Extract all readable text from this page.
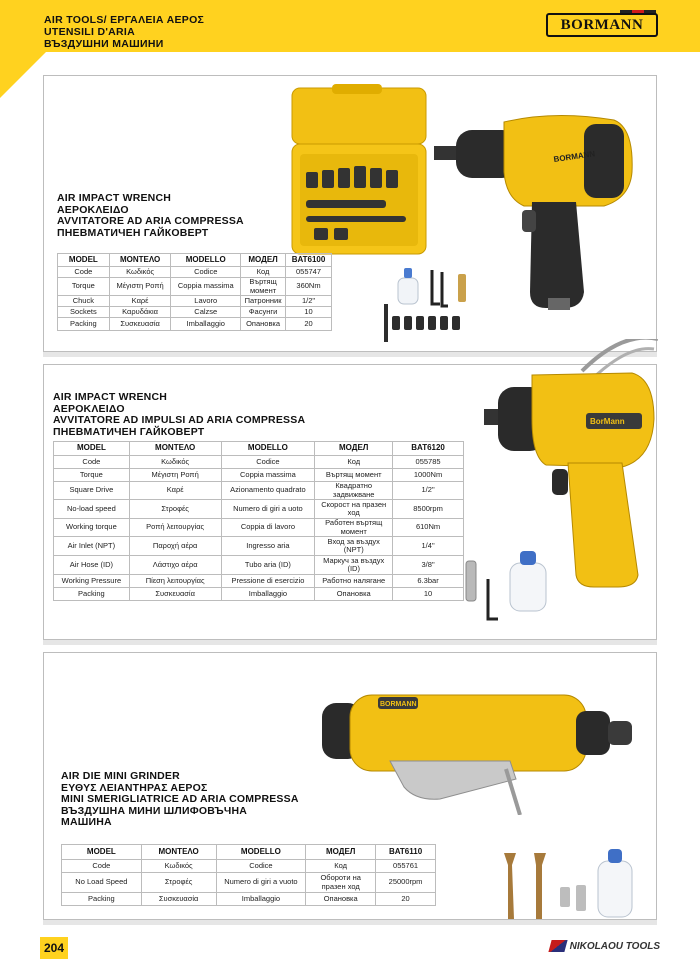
AIR TOOLS/ ΕΡΓΑΛΕΙΑ ΑΕΡΟΣ
UTENSILI D'ARIA
ВЪЗДУШНИ МАШИНИ
BORMANN
BORMANN
AIR IMPACT WRENCH
ΑΕΡΟΚΛΕΙΔΟ
AVVITATORE AD ARIA COMPRESSA
ПНЕВМАТИЧЕН ГАЙКОВЕРТ
MODEL	ΜΟΝΤΕΛΟ	MODELLO	МОДЕЛ	BAT6100
Code	Κωδικός	Codice	Код	055747
Torque	Μέγιστη Ροπή	Coppia massima	Въртящ момент	360Nm
Chuck	Καρέ	Lavoro	Патронник	1/2"
Sockets	Καρυδάκια	Calzse	Фасунги	10
Packing	Συσκευασία	Imballaggio	Опановка	20
BorMann
AIR IMPACT WRENCH
ΑΕΡΟΚΛΕΙΔΟ
AVVITATORE AD IMPULSI AD ARIA COMPRESSA
ПНЕВМАТИЧЕН ГАЙКОВЕРТ
MODEL	ΜΟΝΤΕΛΟ	MODELLO	МОДЕЛ	BAT6120
Code	Κωδικός	Codice	Код	055785
Torque	Μέγιστη Ροπή	Coppia massima	Въртящ момент	1000Nm
Square Drive	Καρέ	Azionamento quadrato	Квадратно задвижване	1/2"
No-load speed	Στροφές	Numero di giri a uoto	Скорост на празен ход	8500rpm
Working torque	Ροπή λειτουργίας	Coppia di lavoro	Работен въртящ момент	610Nm
Air Inlet (NPT)	Παροχή αέρα	Ingresso aria	Вход за въздух (NPT)	1/4"
Air Hose (ID)	Λάστιχο αέρα	Tubo aria (ID)	Маркуч за въздух (ID)	3/8"
Working Pressure	Πίεση λειτουργίας	Pressione di esercizio	Работно налягане	6.3bar
Packing	Συσκευασία	Imballaggio	Опановка	10
BORMANN
AIR DIE MINI GRINDER
ΕΥΘΥΣ ΛΕΙΑΝΤΗΡΑΣ ΑΕΡΟΣ
MINI SMERIGLIATRICE AD ARIA COMPRESSA
ВЪЗДУШНА МИНИ ШЛИФОВЪЧНА
МАШИНА
MODEL	ΜΟΝΤΕΛΟ	MODELLO	МОДЕЛ	BAT6110
Code	Κωδικός	Codice	Код	055761
No Load Speed	Στροφές	Numero di giri a vuoto	Обороти на празен ход	25000rpm
Packing	Συσκευασία	Imballaggio	Опановка	20
204	NIKOLAOU TOOLS
